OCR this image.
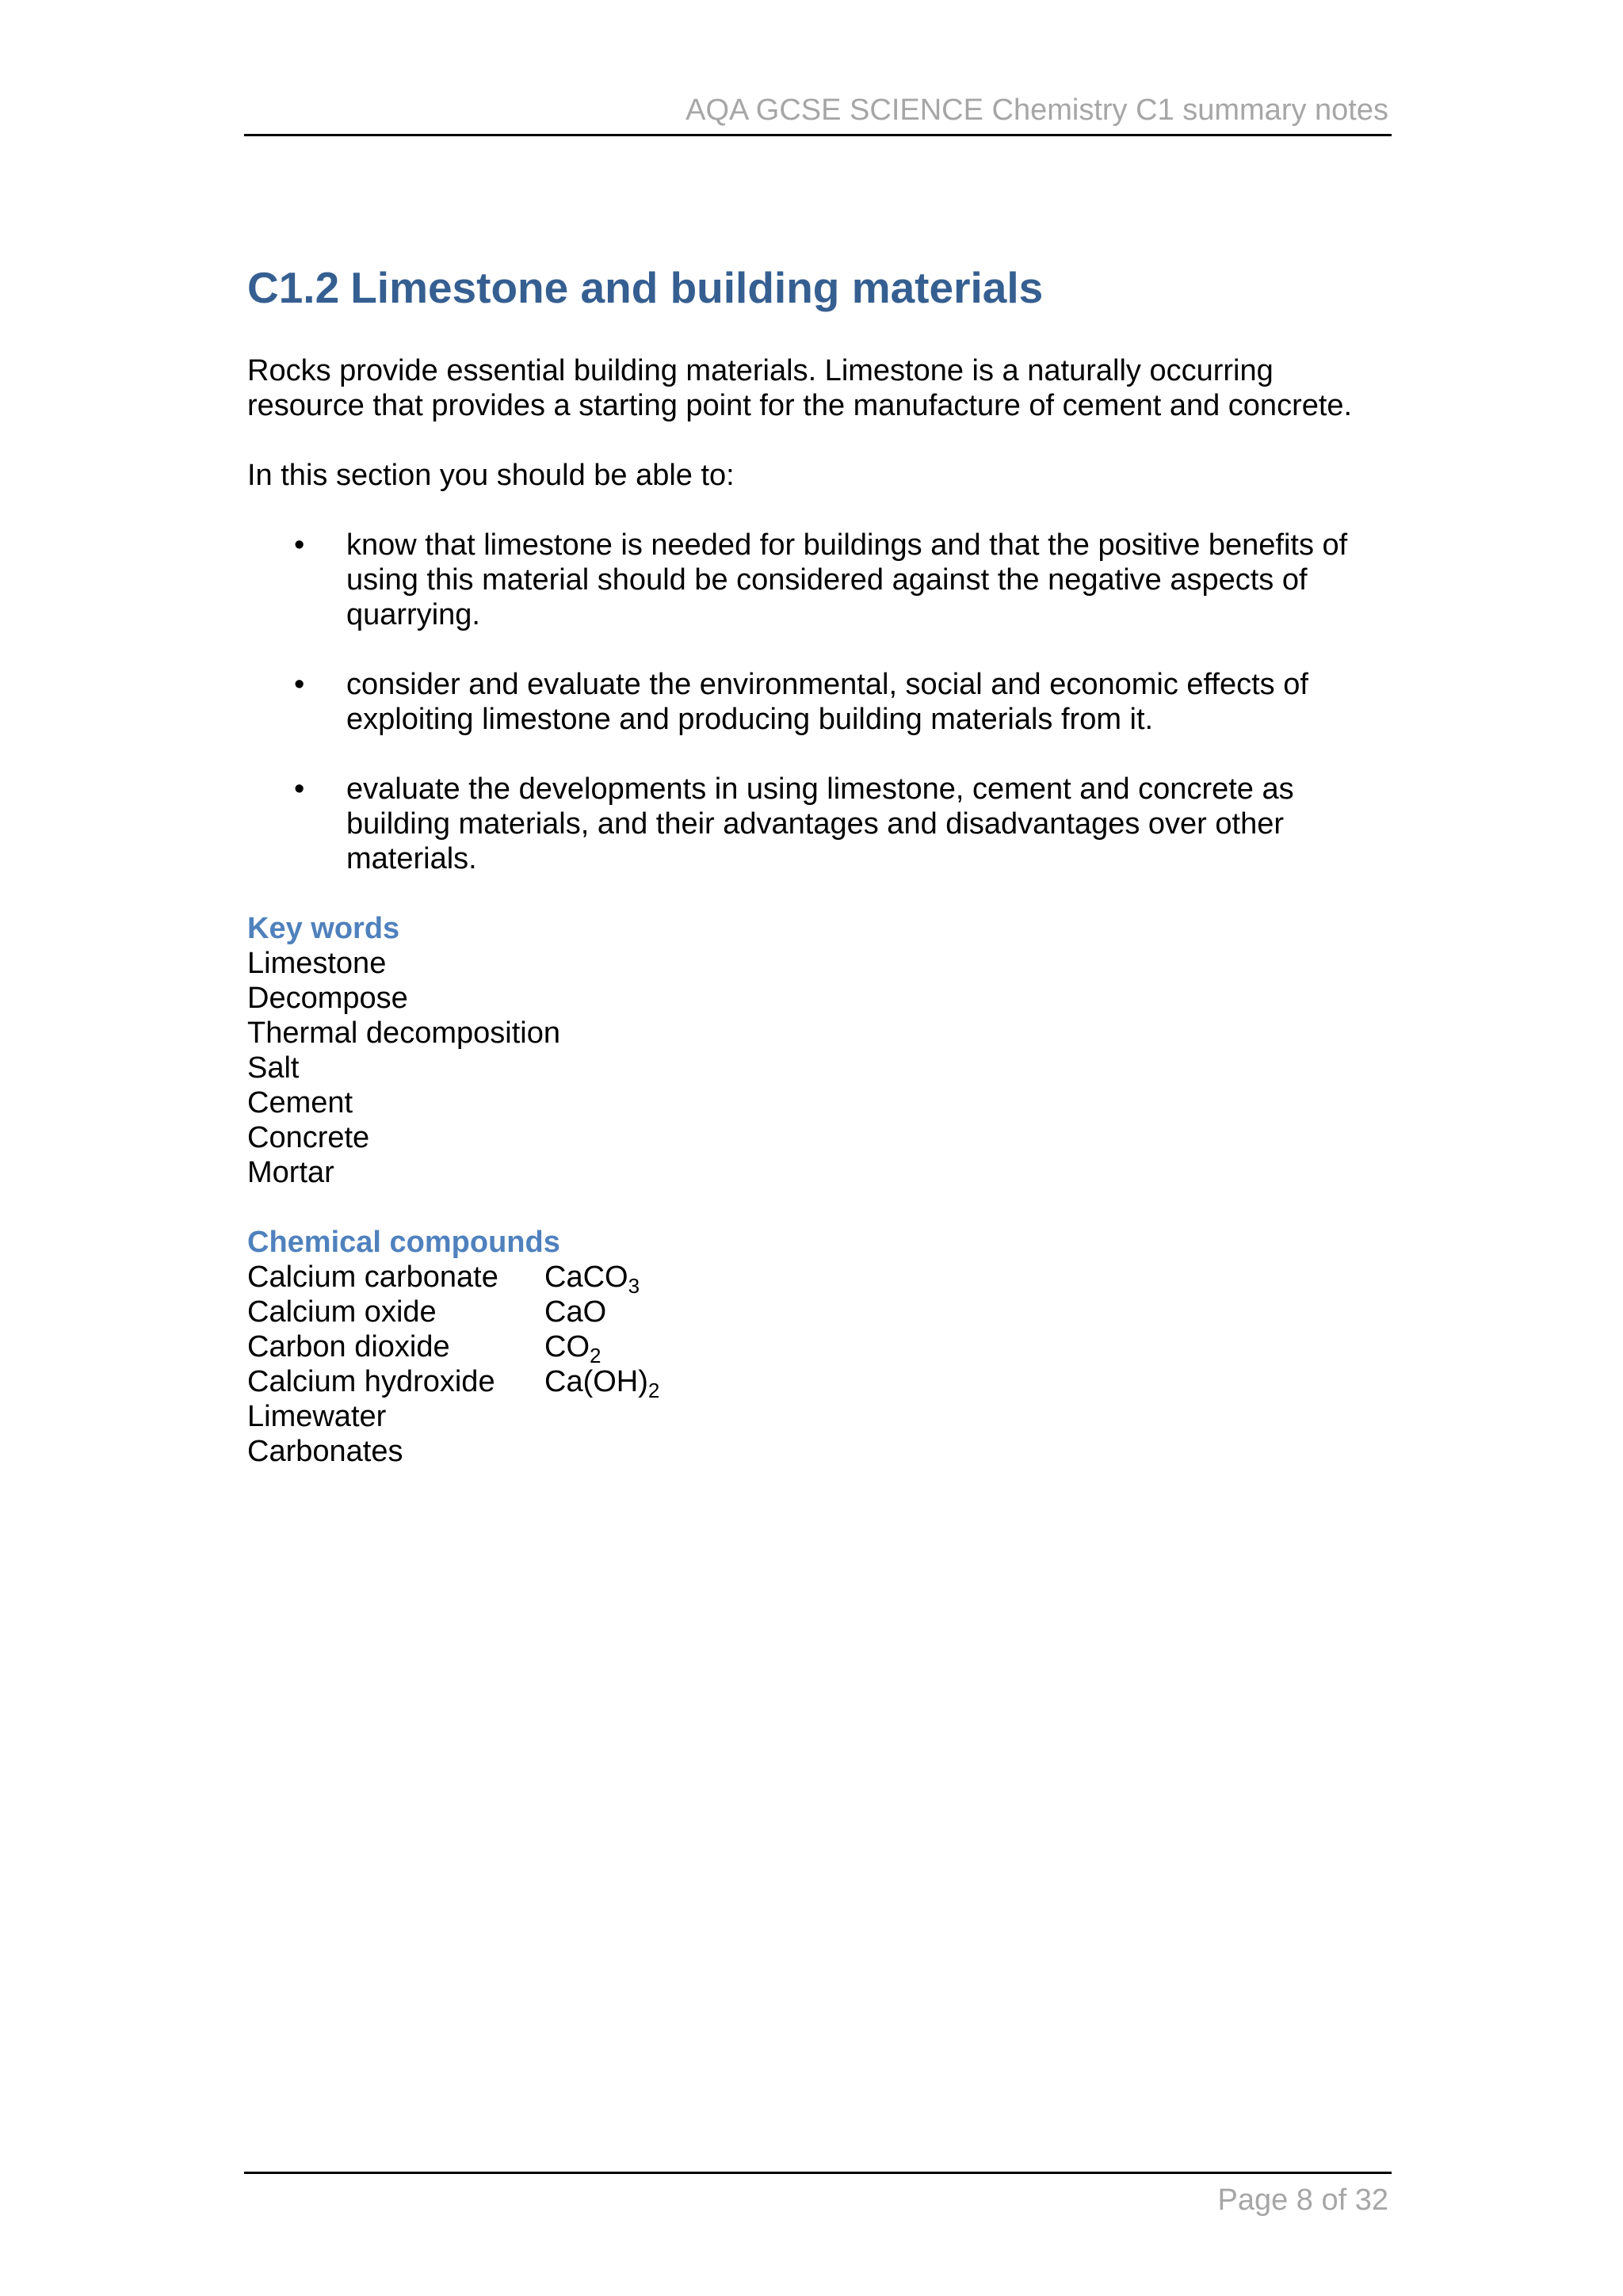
AQA GCSE SCIENCE Chemistry C1 summary notes
C1.2 Limestone and building materials

Rocks provide essential building materials. Limestone is a naturally occurring
resource that provides a starting point for the manufacture of cement and concrete.

In this section you should be able to:

• know that limestone is needed for buildings and that the positive benefits of using this material should be considered against the negative aspects of quarrying.
• consider and evaluate the environmental, social and economic effects of exploiting limestone and producing building materials from it.
• evaluate the developments in using limestone, cement and concrete as building materials, and their advantages and disadvantages over other materials.
Key words
Limestone
Decompose
Thermal decomposition
Salt
Cement
Concrete
Mortar
Chemical compounds
Calcium carbonate	CaCO$_3$
Calcium oxide	CaO
Carbon dioxide	$CO_2$
Calcium hydroxide	$Ca(OH)_2$
Limewater
Carbonates
Page 8 of 32
